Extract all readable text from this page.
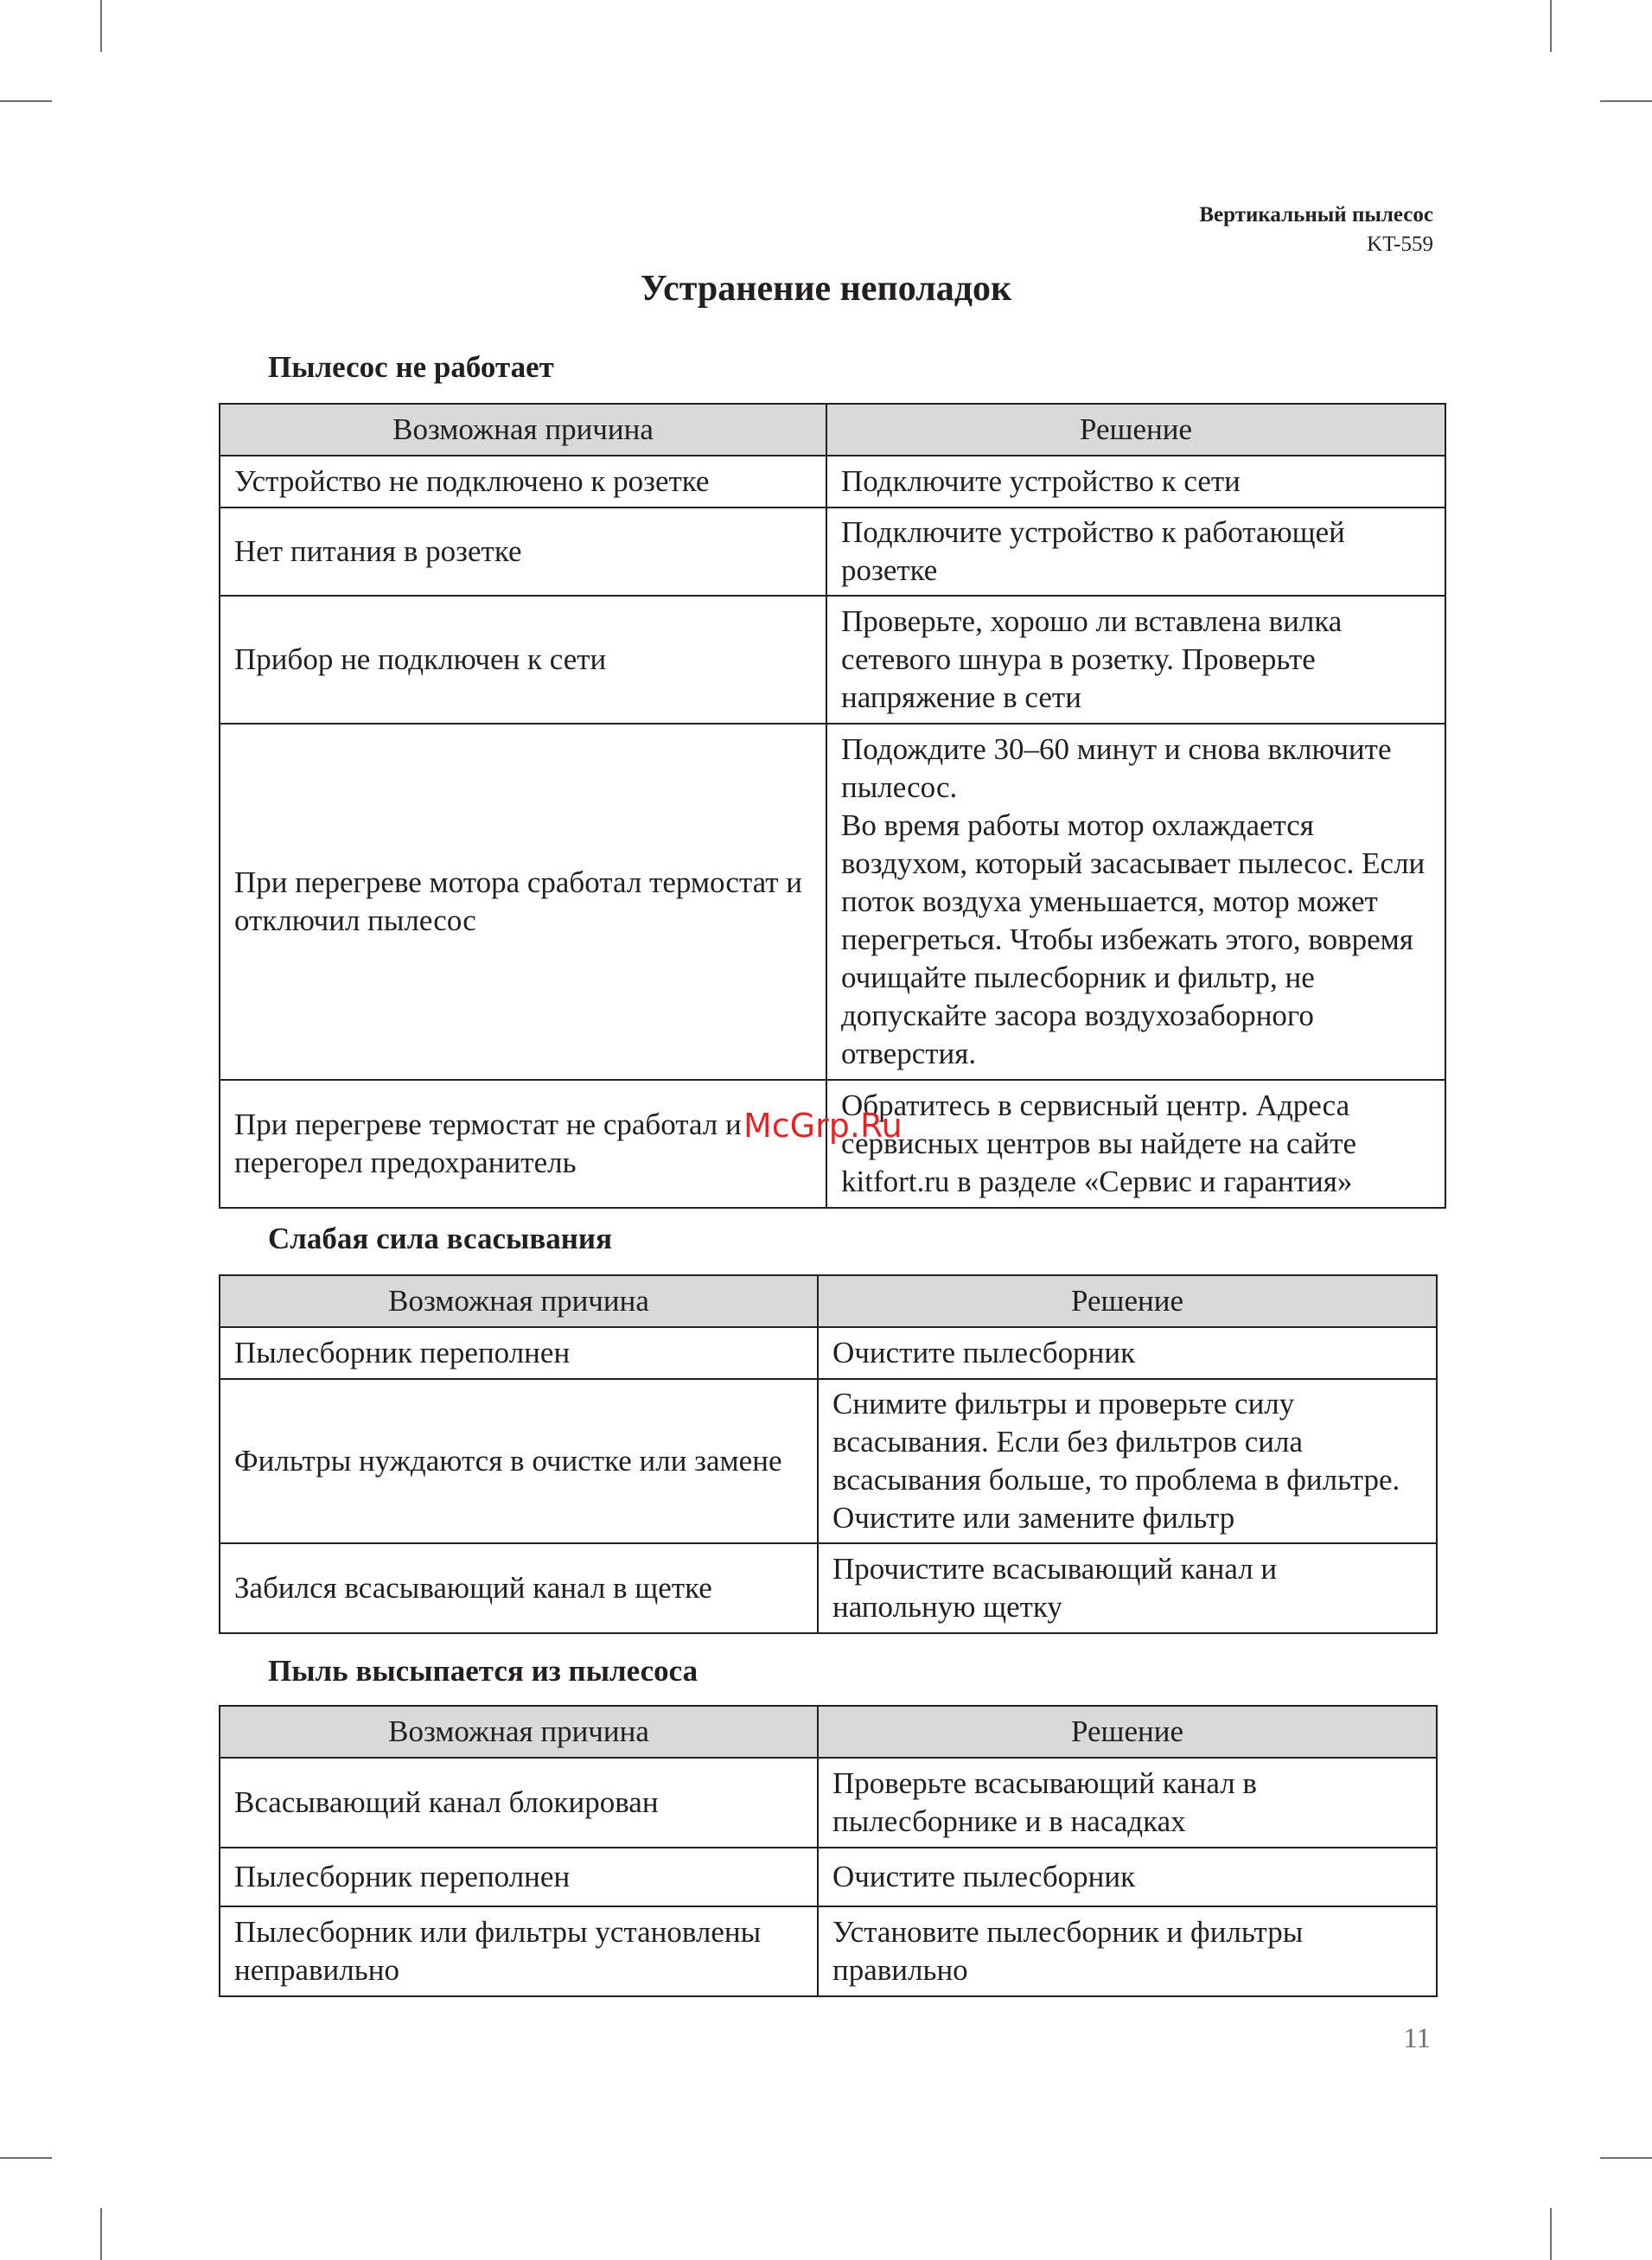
Вертикальный пылесос
KT-559
Устранение неполадок
Пылесос не работает
Возможная причина	Решение
Устройство не подключено к розетке	Подключите устройство к сети
Нет питания в розетке	Подключите устройство к работающей розетке
Прибор не подключен к сети	Проверьте, хорошо ли вставлена вилка сетевого шнура в розетку. Проверьте напряжение в сети
При перегреве мотора сработал термостат и отключил пылесос	Подождите 30–60 минут и снова включите пылесос.
Во время работы мотор охлаждается воздухом, который засасывает пылесос. Если поток воздуха уменьшается, мотор может перегреться. Чтобы избежать этого, вовремя очищайте пылесборник и фильтр, не допускайте засора воздухозаборного отверстия.
При перегреве термостат не сработал и перегорел предохранитель	Обратитесь в сервисный центр. Адреса сервисных центров вы найдете на сайте kitfort.ru в разделе «Сервис и гарантия»
Слабая сила всасывания
Возможная причина	Решение
Пылесборник переполнен	Очистите пылесборник
Фильтры нуждаются в очистке или замене	Снимите фильтры и проверьте силу всасывания. Если без фильтров сила всасывания больше, то проблема в фильтре. Очистите или замените фильтр
Забился всасывающий канал в щетке	Прочистите всасывающий канал и напольную щетку
Пыль высыпается из пылесоса
Возможная причина	Решение
Всасывающий канал блокирован	Проверьте всасывающий канал в пылесборнике и в насадках
Пылесборник переполнен	Очистите пылесборник
Пылесборник или фильтры установлены неправильно	Установите пылесборник и фильтры правильно
McGrp.Ru
11
